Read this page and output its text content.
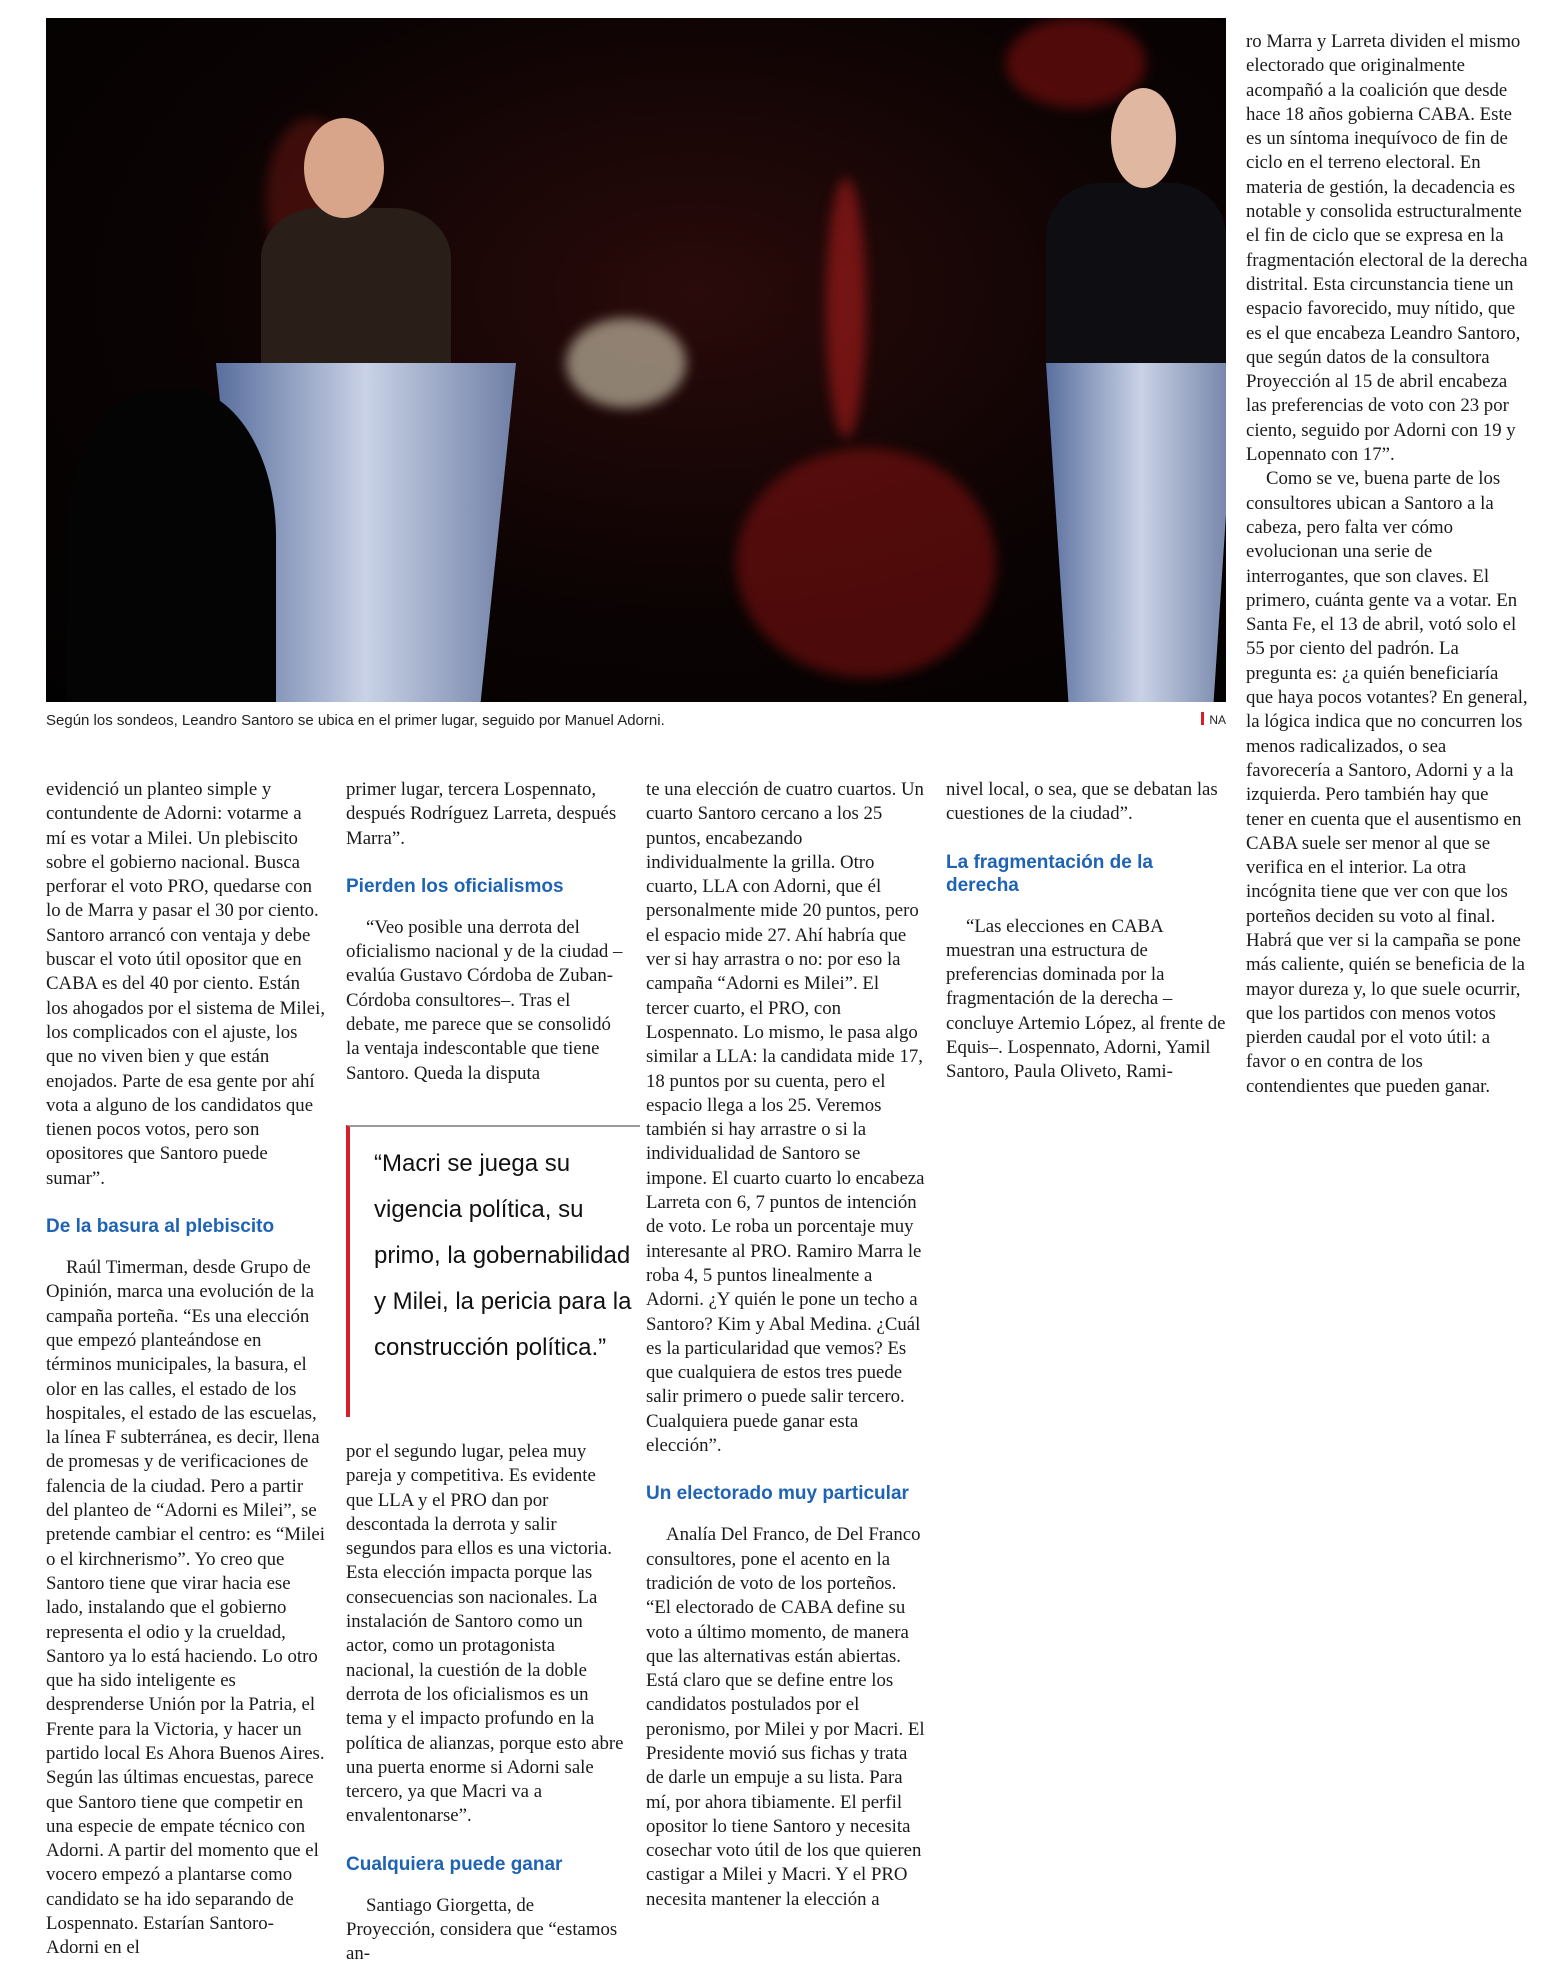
Según los sondeos, Leandro Santoro se ubica en el primer lugar, seguido por Manuel Adorni.	NA

evidenció un planteo simple y contundente de Adorni: votarme a mí es votar a Milei. Un plebiscito sobre el gobierno nacional. Busca perforar el voto PRO, quedarse con lo de Marra y pasar el 30 por ciento. Santoro arrancó con ventaja y debe buscar el voto útil opositor que en CABA es del 40 por ciento. Están los ahogados por el sistema de Milei, los complicados con el ajuste, los que no viven bien y que están enojados. Parte de esa gente por ahí vota a alguno de los candidatos que tienen pocos votos, pero son opositores que Santoro puede sumar”.

De la basura al plebiscito

Raúl Timerman, desde Grupo de Opinión, marca una evolución de la campaña porteña. “Es una elección que empezó planteándose en términos municipales, la basura, el olor en las calles, el estado de los hospitales, el estado de las escuelas, la línea F subterránea, es decir, llena de promesas y de verificaciones de falencia de la ciudad. Pero a partir del planteo de “Adorni es Milei”, se pretende cambiar el centro: es “Milei o el kirchnerismo”. Yo creo que Santoro tiene que virar hacia ese lado, instalando que el gobierno representa el odio y la crueldad, Santoro ya lo está haciendo. Lo otro que ha sido inteligente es desprenderse Unión por la Patria, el Frente para la Victoria, y hacer un partido local Es Ahora Buenos Aires. Según las últimas encuestas, parece que Santoro tiene que competir en una especie de empate técnico con Adorni. A partir del momento que el vocero empezó a plantarse como candidato se ha ido separando de Lospennato. Estarían Santoro-Adorni en el

primer lugar, tercera Lospennato, después Rodríguez Larreta, después Marra”.

Pierden los oficialismos

“Veo posible una derrota del oficialismo nacional y de la ciudad –evalúa Gustavo Córdoba de Zuban-Córdoba consultores–. Tras el debate, me parece que se consolidó la ventaja indescontable que tiene Santoro. Queda la disputa

“Macri se juega su vigencia política, su primo, la gobernabilidad y Milei, la pericia para la construcción política.”

por el segundo lugar, pelea muy pareja y competitiva. Es evidente que LLA y el PRO dan por descontada la derrota y salir segundos para ellos es una victoria. Esta elección impacta porque las consecuencias son nacionales. La instalación de Santoro como un actor, como un protagonista nacional, la cuestión de la doble derrota de los oficialismos es un tema y el impacto profundo en la política de alianzas, porque esto abre una puerta enorme si Adorni sale tercero, ya que Macri va a envalentonarse”.

Cualquiera puede ganar

Santiago Giorgetta, de Proyección, considera que “estamos an-

te una elección de cuatro cuartos. Un cuarto Santoro cercano a los 25 puntos, encabezando individualmente la grilla. Otro cuarto, LLA con Adorni, que él personalmente mide 20 puntos, pero el espacio mide 27. Ahí habría que ver si hay arrastra o no: por eso la campaña “Adorni es Milei”. El tercer cuarto, el PRO, con Lospennato. Lo mismo, le pasa algo similar a LLA: la candidata mide 17, 18 puntos por su cuenta, pero el espacio llega a los 25. Veremos también si hay arrastre o si la individualidad de Santoro se impone. El cuarto cuarto lo encabeza Larreta con 6, 7 puntos de intención de voto. Le roba un porcentaje muy interesante al PRO. Ramiro Marra le roba 4, 5 puntos linealmente a Adorni. ¿Y quién le pone un techo a Santoro? Kim y Abal Medina. ¿Cuál es la particularidad que vemos? Es que cualquiera de estos tres puede salir primero o puede salir tercero. Cualquiera puede ganar esta elección”.

Un electorado muy particular

Analía Del Franco, de Del Franco consultores, pone el acento en la tradición de voto de los porteños. “El electorado de CABA define su voto a último momento, de manera que las alternativas están abiertas. Está claro que se define entre los candidatos postulados por el peronismo, por Milei y por Macri. El Presidente movió sus fichas y trata de darle un empuje a su lista. Para mí, por ahora tibiamente. El perfil opositor lo tiene Santoro y necesita cosechar voto útil de los que quieren castigar a Milei y Macri. Y el PRO necesita mantener la elección a

nivel local, o sea, que se debatan las cuestiones de la ciudad”.

La fragmentación de la derecha

“Las elecciones en CABA muestran una estructura de preferencias dominada por la fragmentación de la derecha –concluye Artemio López, al frente de Equis–. Lospennato, Adorni, Yamil Santoro, Paula Oliveto, Rami-

ro Marra y Larreta dividen el mismo electorado que originalmente acompañó a la coalición que desde hace 18 años gobierna CABA. Este es un síntoma inequívoco de fin de ciclo en el terreno electoral. En materia de gestión, la decadencia es notable y consolida estructuralmente el fin de ciclo que se expresa en la fragmentación electoral de la derecha distrital. Esta circunstancia tiene un espacio favorecido, muy nítido, que es el que encabeza Leandro Santoro, que según datos de la consultora Proyección al 15 de abril encabeza las preferencias de voto con 23 por ciento, seguido por Adorni con 19 y Lopennato con 17”.

Como se ve, buena parte de los consultores ubican a Santoro a la cabeza, pero falta ver cómo evolucionan una serie de interrogantes, que son claves. El primero, cuánta gente va a votar. En Santa Fe, el 13 de abril, votó solo el 55 por ciento del padrón. La pregunta es: ¿a quién beneficiaría que haya pocos votantes? En general, la lógica indica que no concurren los menos radicalizados, o sea favorecería a Santoro, Adorni y a la izquierda. Pero también hay que tener en cuenta que el ausentismo en CABA suele ser menor al que se verifica en el interior. La otra incógnita tiene que ver con que los porteños deciden su voto al final. Habrá que ver si la campaña se pone más caliente, quién se beneficia de la mayor dureza y, lo que suele ocurrir, que los partidos con menos votos pierden caudal por el voto útil: a favor o en contra de los contendientes que pueden ganar.
